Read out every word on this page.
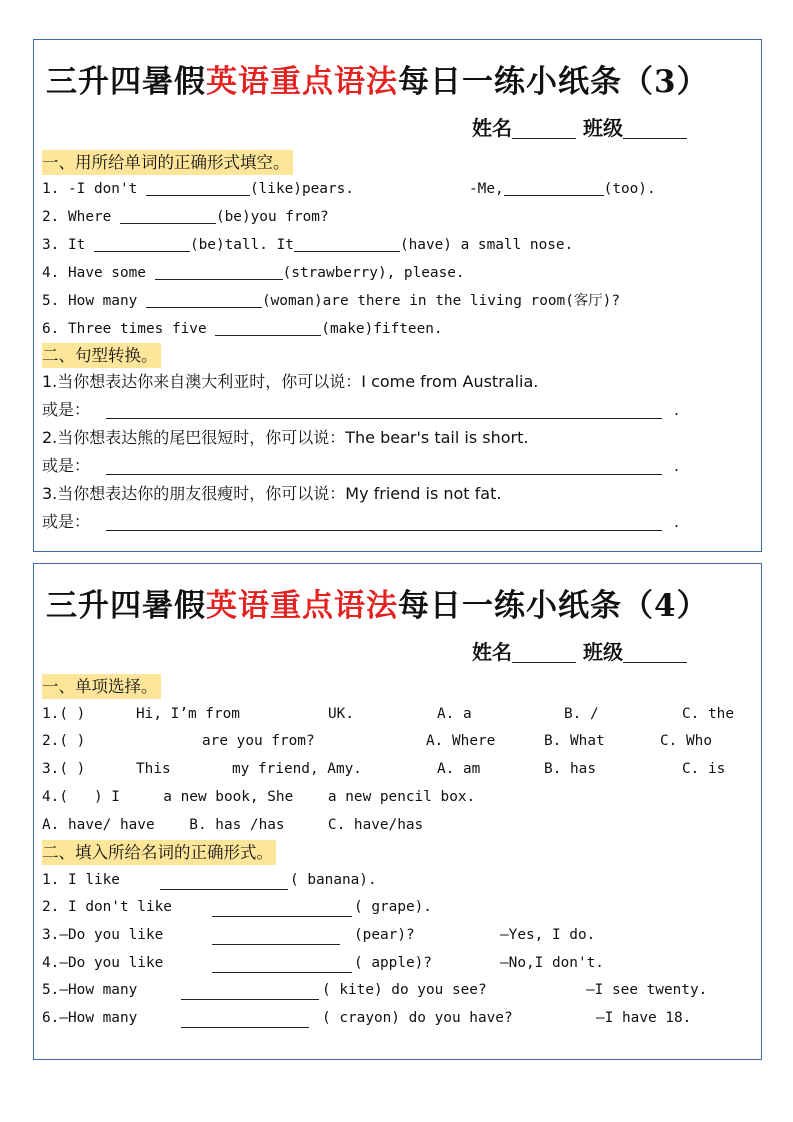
三升四暑假英语重点语法每日一练小纸条（3）
姓名	班级
一、用所给单词的正确形式填空。
1. -I don't	(like)pears.	-Me,	(too).
2. Where	(be)you from?
3. It	(be)tall. It	(have) a small nose.
4. Have some	(strawberry), please.
5. How many	(woman)are there in the living room(客厅)?
6. Three times five	(make)fifteen.
二、句型转换。
1.当你想表达你来自澳大利亚时，你可以说：I come from Australia.
或是：	.
2.当你想表达熊的尾巴很短时，你可以说：The bear's tail is short.
或是：	.
3.当你想表达你的朋友很瘦时，你可以说：My friend is not fat.
或是：	.
三升四暑假英语重点语法每日一练小纸条（4）
姓名	班级
一、单项选择。
1.( )	Hi, I’m from	UK.	A. a	B. /	C. the
2.( )	are you from?	A. Where	B. What	C. Who
3.( )	This	my friend, Amy.	A. am	B. has	C. is
4.(   ) I     a new book, She    a new pencil box.
A. have/ have    B. has /has     C. have/has
二、填入所给名词的正确形式。
1. I like	( banana).
2. I don't like	( grape).
3.—Do you like	(pear)?	—Yes, I do.
4.—Do you like	( apple)?	—No,I don't.
5.—How many	( kite) do you see?	—I see twenty.
6.—How many	( crayon) do you have?	—I have 18.
